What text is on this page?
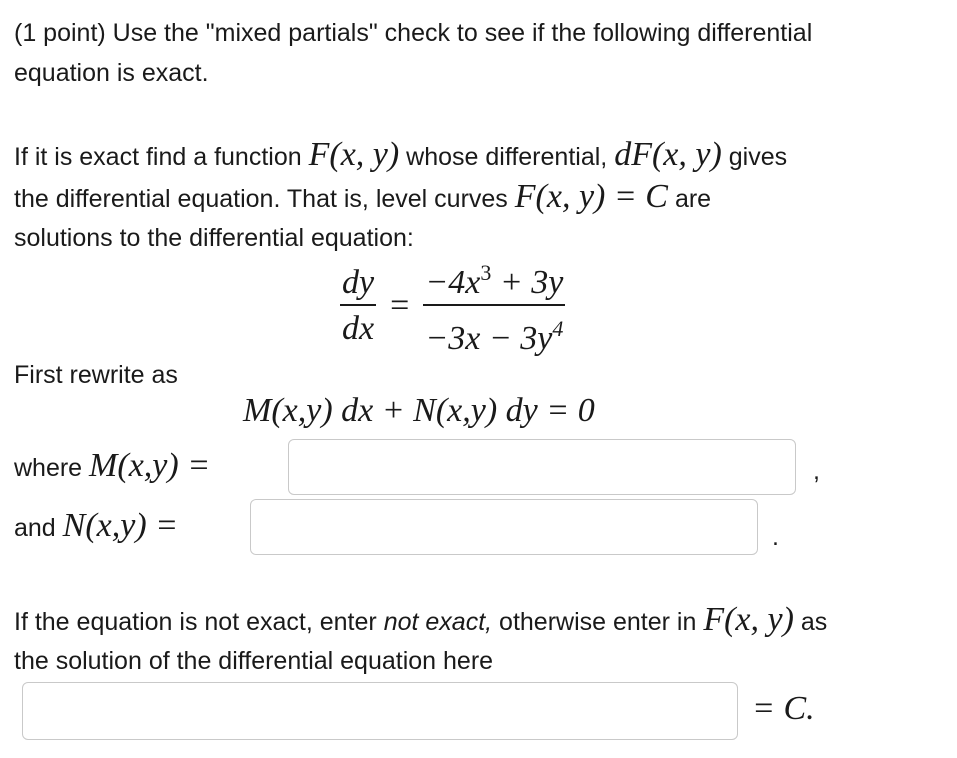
(1 point) Use the "mixed partials" check to see if the following differential
equation is exact.
If it is exact find a function F(x, y) whose differential, dF(x, y) gives
the differential equation. That is, level curves F(x, y) = C are
solutions to the differential equation:
$\frac{dy}{dx} = \frac{-4x^3 + 3y}{-3x - 3y^4}$
First rewrite as
M(x,y) dx + N(x,y) dy = 0
where M(x,y) =	,
and N(x,y) =	.
If the equation is not exact, enter not exact, otherwise enter in F(x, y) as
the solution of the differential equation here
= C.
